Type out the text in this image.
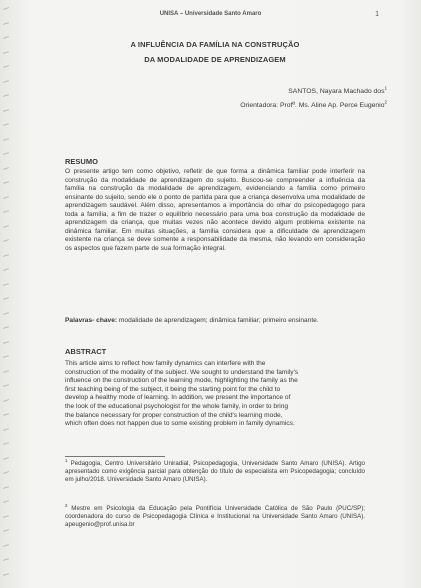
UNISA – Universidade Santo Amaro	1
A INFLUÊNCIA DA FAMÍLIA NA CONSTRUÇÃO
DA MODALIDADE DE APRENDIZAGEM
SANTOS, Nayara Machado dos$^1$
Orientadora: Profª. Ms. Aline Ap. Perce Eugenio$^2$
RESUMO
O presente artigo tem como objetivo, refletir de que forma a dinâmica familiar pode interferir na construção da modalidade de aprendizagem do sujeito. Buscou-se compreender a influência da família na construção da modalidade de aprendizagem, evidenciando a família como primeiro ensinante do sujeito, sendo ele o ponto de partida para que a criança desenvolva uma modalidade de aprendizagem saudável. Além disso, apresentamos a importância do olhar do psicopedagogo para toda a família, a fim de trazer o equilíbrio necessário para uma boa construção da modalidade de aprendizagem da criança, que muitas vezes não acontece devido algum problema existente na dinâmica familiar. Em muitas situações, a família considera que a dificuldade de aprendizagem existente na criança se deve somente a responsabilidade da mesma, não levando em consideração os aspectos que fazem parte de sua formação integral.
Palavras- chave: modalidade de aprendizagem; dinâmica familiar; primeiro ensinante.
ABSTRACT
This article aims to reflect how family dynamics can interfere with the
construction of the modality of the subject. We sought to understand the family's
influence on the construction of the learning mode, highlighting the family as the
first teaching being of the subject, it being the starting point for the child to
develop a healthy mode of learning. In addition, we present the importance of
the look of the educational psychologist for the whole family, in order to bring
the balance necessary for proper construction of the child's learning mode,
which often does not happen due to some existing problem in family dynamics.
$^1$ Pedagogia, Centro Universitário Uniradial, Psicopedagogia, Universidade Santo Amaro (UNISA). Artigo apresentado como exigência parcial para obtenção do título de especialista em Psicopedagogia; concluído em julho/2018. Universidade Santo Amaro (UNISA).
$^2$ Mestre em Psicologia da Educação pela Pontifícia Universidade Católica de São Paulo (PUC/SP); coordenadora do curso de Psicopedagogia Clínica e Institucional na Universidade Santo Amaro (UNISA). apeugenio@prof.unisa.br
